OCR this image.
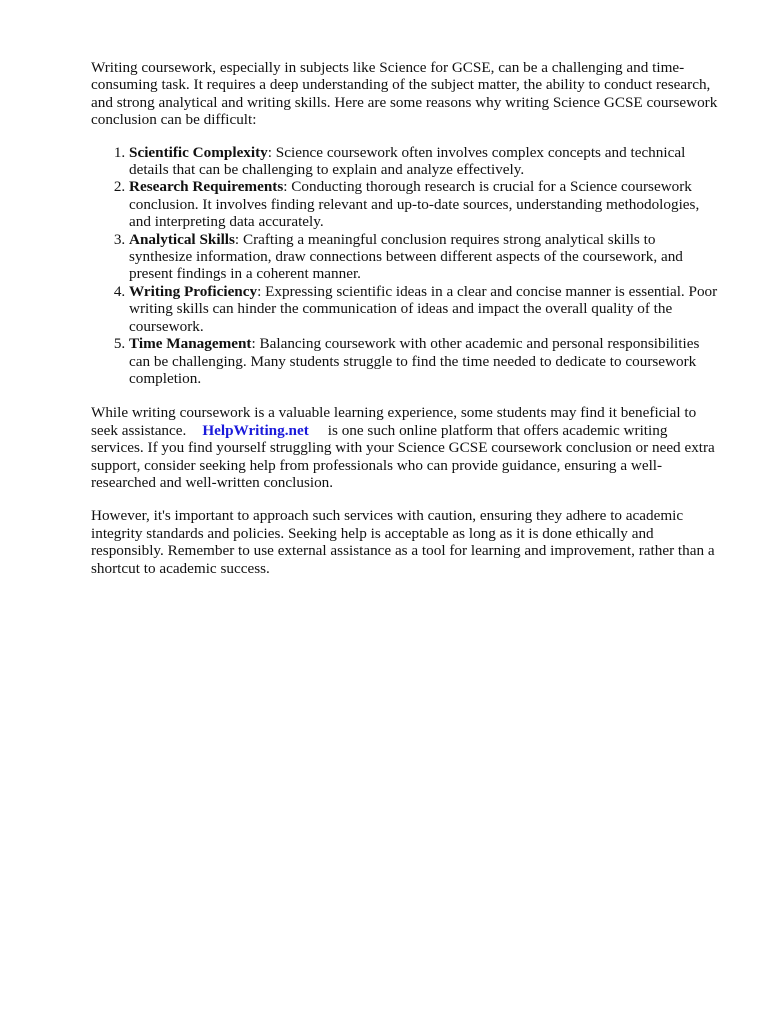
Writing coursework, especially in subjects like Science for GCSE, can be a challenging and time-consuming task. It requires a deep understanding of the subject matter, the ability to conduct research, and strong analytical and writing skills. Here are some reasons why writing Science GCSE coursework conclusion can be difficult:

1. Scientific Complexity: Science coursework often involves complex concepts and technical details that can be challenging to explain and analyze effectively.
2. Research Requirements: Conducting thorough research is crucial for a Science coursework conclusion. It involves finding relevant and up-to-date sources, understanding methodologies, and interpreting data accurately.
3. Analytical Skills: Crafting a meaningful conclusion requires strong analytical skills to synthesize information, draw connections between different aspects of the coursework, and present findings in a coherent manner.
4. Writing Proficiency: Expressing scientific ideas in a clear and concise manner is essential. Poor writing skills can hinder the communication of ideas and impact the overall quality of the coursework.
5. Time Management: Balancing coursework with other academic and personal responsibilities can be challenging. Many students struggle to find the time needed to dedicate to coursework completion.

While writing coursework is a valuable learning experience, some students may find it beneficial to seek assistance. HelpWriting.net is one such online platform that offers academic writing services. If you find yourself struggling with your Science GCSE coursework conclusion or need extra support, consider seeking help from professionals who can provide guidance, ensuring a well-researched and well-written conclusion.

However, it's important to approach such services with caution, ensuring they adhere to academic integrity standards and policies. Seeking help is acceptable as long as it is done ethically and responsibly. Remember to use external assistance as a tool for learning and improvement, rather than a shortcut to academic success.
